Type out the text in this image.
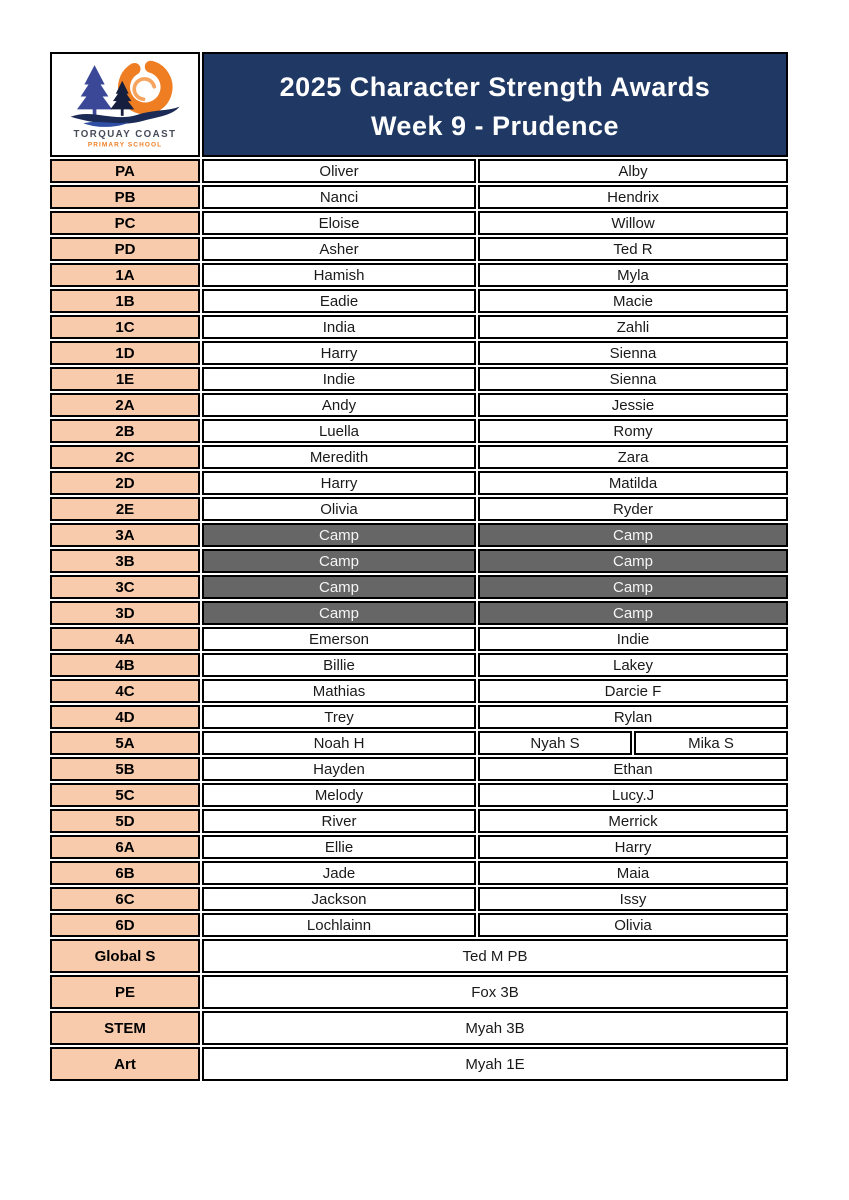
TORQUAY COAST
PRIMARY SCHOOL

2025 Character Strength Awards
Week 9 - Prudence

PA	Oliver	Alby	
PB	Nanci	Hendrix	
PC	Eloise	Willow	
PD	Asher	Ted R	
1A	Hamish	Myla	
1B	Eadie	Macie	
1C	India	Zahli	
1D	Harry	Sienna	
1E	Indie	Sienna	
2A	Andy	Jessie	
2B	Luella	Romy	
2C	Meredith	Zara	
2D	Harry	Matilda	
2E	Olivia	Ryder	
3A	Camp	Camp	
3B	Camp	Camp	
3C	Camp	Camp	
3D	Camp	Camp	
4A	Emerson	Indie	
4B	Billie	Lakey	
4C	Mathias	Darcie F	
4D	Trey	Rylan	
5A	Noah H	Nyah S	Mika S
5B	Hayden	Ethan	
5C	Melody	Lucy.J	
5D	River	Merrick	
6A	Ellie	Harry	
6B	Jade	Maia	
6C	Jackson	Issy	
6D	Lochlainn	Olivia	
Global S	Ted M PB		
PE	Fox 3B		
STEM	Myah 3B		
Art	Myah 1E		
